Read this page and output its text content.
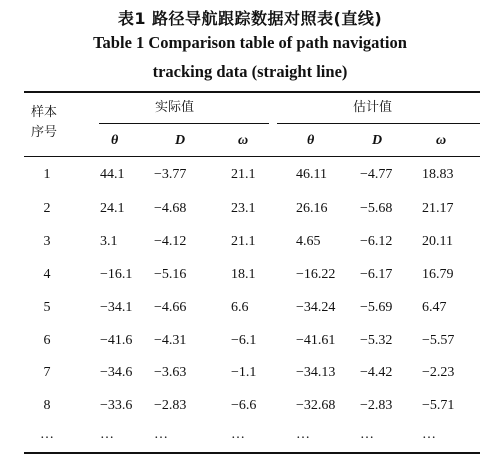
表1 路径导航跟踪数据对照表(直线)
Table 1 Comparison table of path navigation
tracking data (straight line)
样本
序号
实际值	估计值
θ	D	ω	θ	D	ω
1	44.1 −3.77	21.1	46.11 −4.77 18.83
2	24.1 −4.68	23.1	26.16 −5.68 21.17
3	3.1	−4.12	21.1	4.65	−6.12 20.11
4	−16.1 −5.16	18.1	−16.22 −6.17 16.79
5	−34.1 −4.66	6.6	−34.24 −5.69 6.47
6	−41.6 −4.31	−6.1	−41.61 −5.32 −5.57
7	−34.6 −3.63	−1.1	−34.13 −4.42 −2.23
8	−33.6 −2.83	−6.6	−32.68 −2.83 −5.71
…	…	…	…	…	…	…
